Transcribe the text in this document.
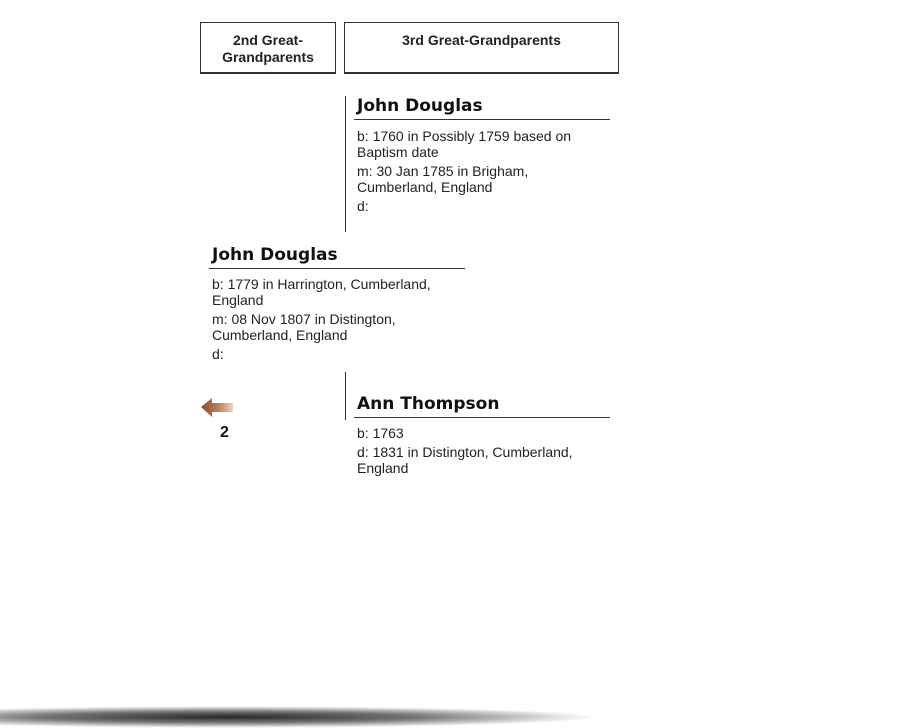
2nd Great-
Grandparents
3rd Great-Grandparents
John Douglas
b: 1760 in Possibly 1759 based on Baptism date
m: 30 Jan 1785 in Brigham, Cumberland, England
d:
John Douglas
b: 1779 in Harrington, Cumberland, England
m: 08 Nov 1807 in Distington, Cumberland, England
d:
Ann Thompson
b: 1763
d: 1831 in Distington, Cumberland, England
2
